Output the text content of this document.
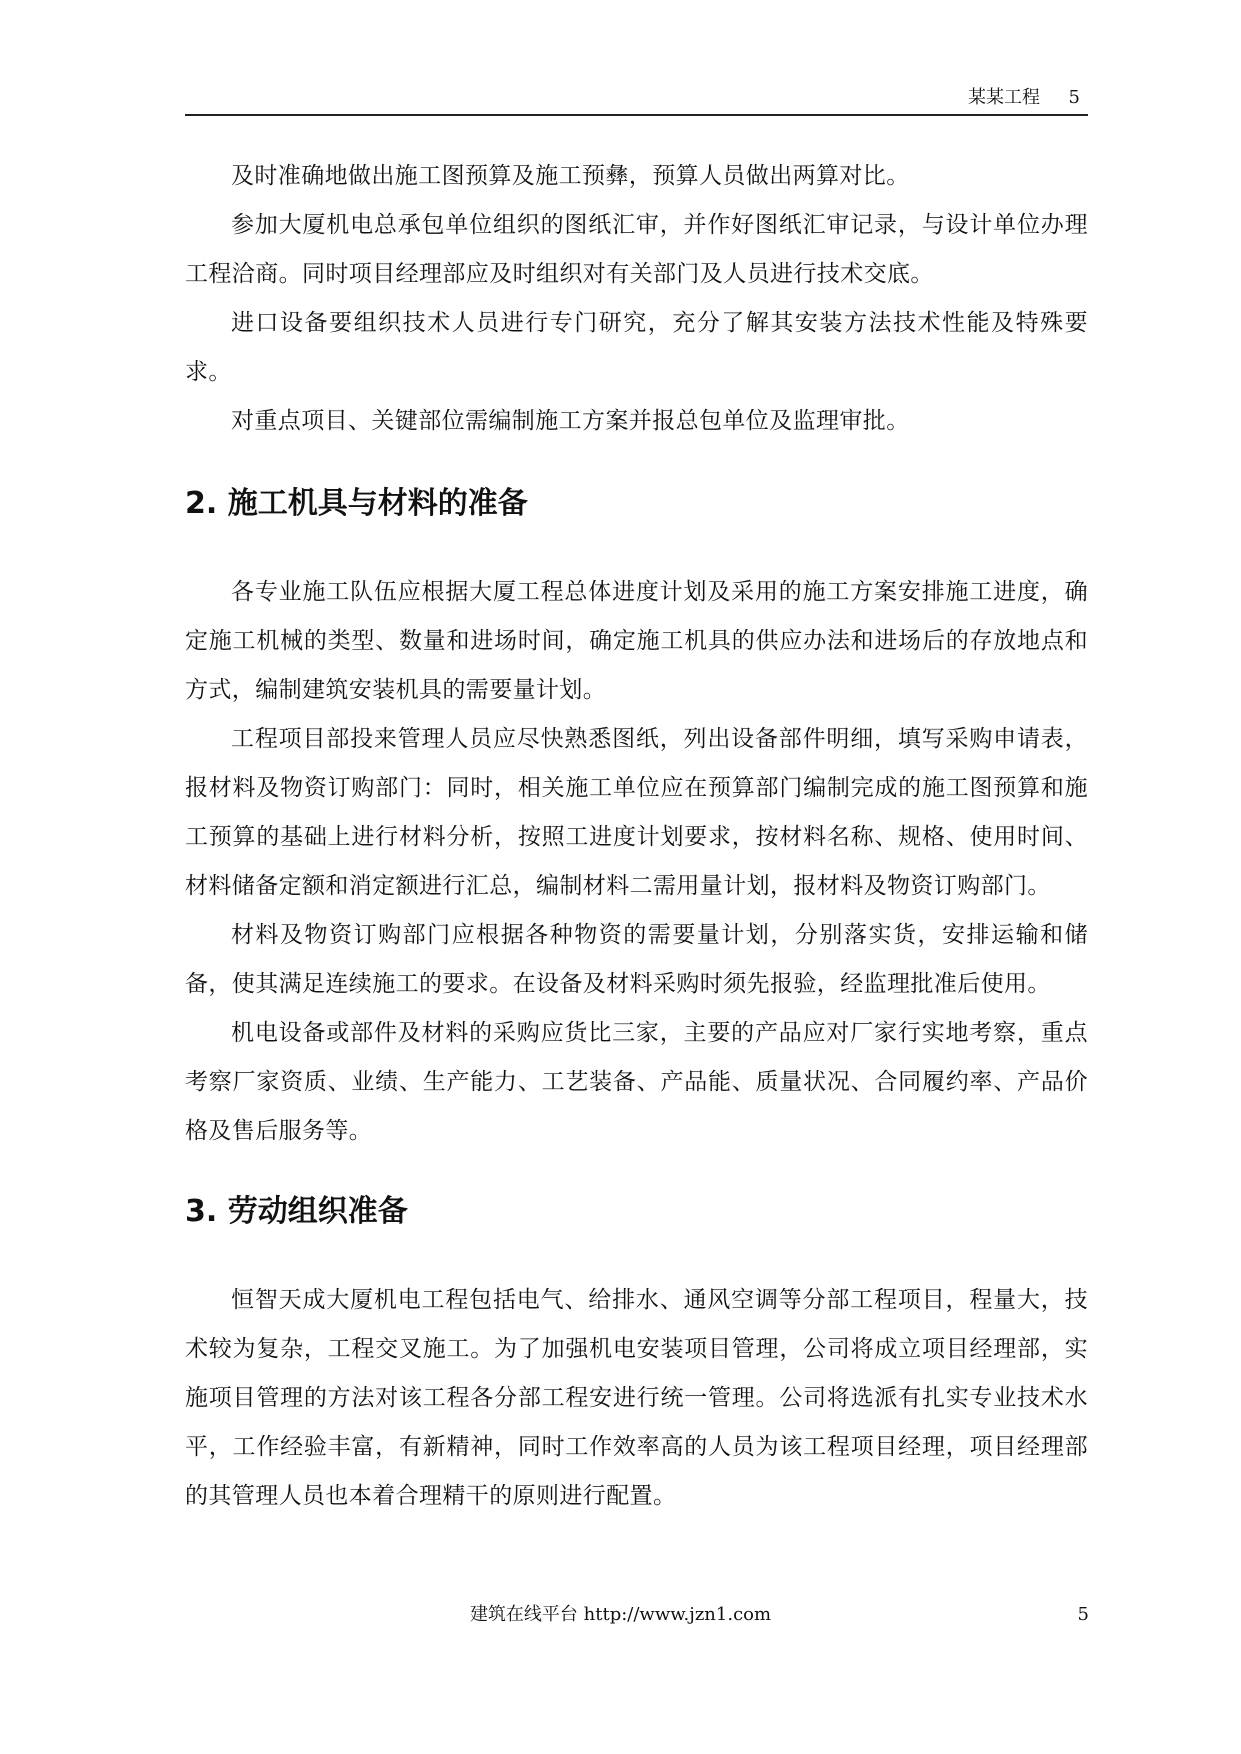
某某工程 5

及时准确地做出施工图预算及施工预彝，预算人员做出两算对比。

参加大厦机电总承包单位组织的图纸汇审，并作好图纸汇审记录，与设计单位办理工程洽商。同时项目经理部应及时组织对有关部门及人员进行技术交底。

进口设备要组织技术人员进行专门研究，充分了解其安装方法技术性能及特殊要求。

对重点项目、关键部位需编制施工方案并报总包单位及监理审批。

2. 施工机具与材料的准备

各专业施工队伍应根据大厦工程总体进度计划及采用的施工方案安排施工进度，确定施工机械的类型、数量和进场时间，确定施工机具的供应办法和进场后的存放地点和方式，编制建筑安装机具的需要量计划。

工程项目部投来管理人员应尽快熟悉图纸，列出设备部件明细，填写采购申请表，报材料及物资订购部门：同时，相关施工单位应在预算部门编制完成的施工图预算和施工预算的基础上进行材料分析，按照工进度计划要求，按材料名称、规格、使用时间、材料储备定额和消定额进行汇总，编制材料二需用量计划，报材料及物资订购部门。

材料及物资订购部门应根据各种物资的需要量计划，分别落实货，安排运输和储备，使其满足连续施工的要求。在设备及材料采购时须先报验，经监理批准后使用。

机电设备或部件及材料的采购应货比三家，主要的产品应对厂家行实地考察，重点考察厂家资质、业绩、生产能力、工艺装备、产品能、质量状况、合同履约率、产品价格及售后服务等。

3. 劳动组织准备

恒智天成大厦机电工程包括电气、给排水、通风空调等分部工程项目，程量大，技术较为复杂，工程交叉施工。为了加强机电安装项目管理，公司将成立项目经理部，实施项目管理的方法对该工程各分部工程安进行统一管理。公司将选派有扎实专业技术水平，工作经验丰富，有新精神，同时工作效率高的人员为该工程项目经理，项目经理部的其管理人员也本着合理精干的原则进行配置。

建筑在线平台 http://www.jzn1.com	5
